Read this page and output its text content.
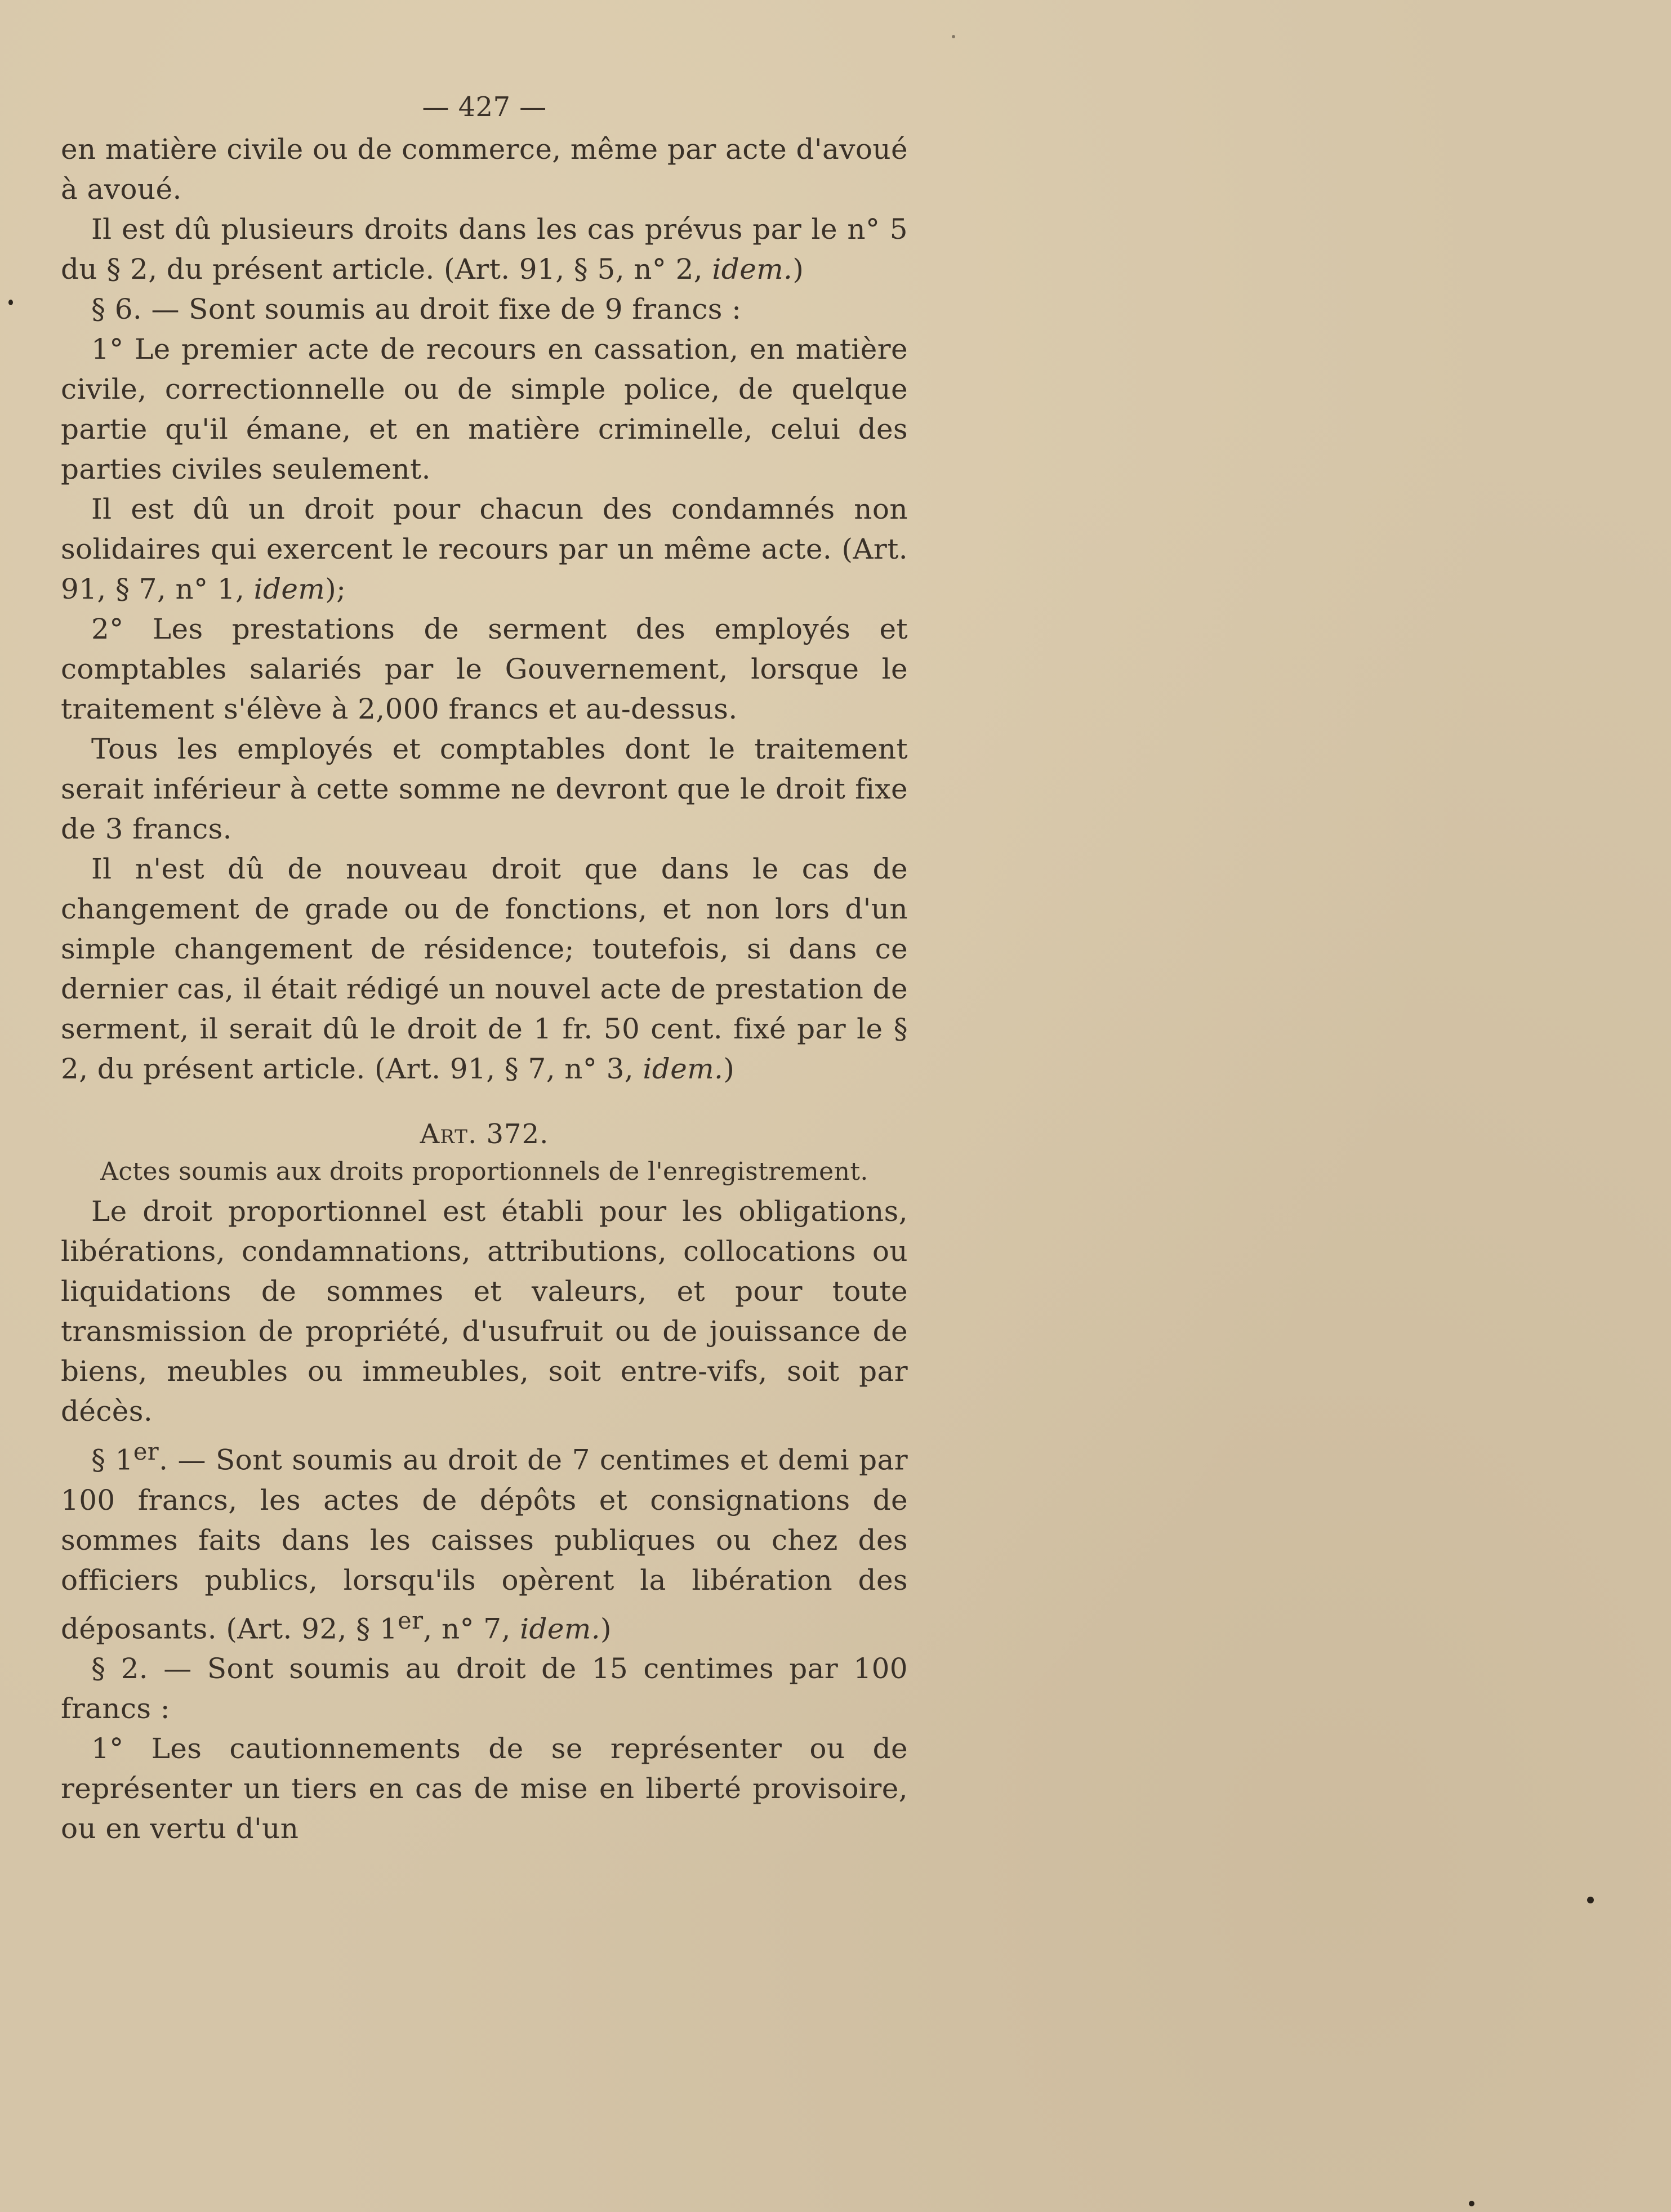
— 427 —

en matière civile ou de commerce, même par acte d'avoué à avoué.

Il est dû plusieurs droits dans les cas prévus par le n° 5 du § 2, du présent article. (Art. 91, § 5, n° 2, idem.)

§ 6. — Sont soumis au droit fixe de 9 francs :

1° Le premier acte de recours en cassation, en matière civile, correctionnelle ou de simple police, de quelque partie qu'il émane, et en matière criminelle, celui des parties civiles seulement.

Il est dû un droit pour chacun des condamnés non solidaires qui exercent le recours par un même acte. (Art. 91, § 7, n° 1, idem);

2° Les prestations de serment des employés et comptables salariés par le Gouvernement, lorsque le traitement s'élève à 2,000 francs et au-dessus.

Tous les employés et comptables dont le traitement serait inférieur à cette somme ne devront que le droit fixe de 3 francs.

Il n'est dû de nouveau droit que dans le cas de changement de grade ou de fonctions, et non lors d'un simple changement de résidence; toutefois, si dans ce dernier cas, il était rédigé un nouvel acte de prestation de serment, il serait dû le droit de 1 fr. 50 cent. fixé par le § 2, du présent article. (Art. 91, § 7, n° 3, idem.)

Art. 372.
Actes soumis aux droits proportionnels de l'enregistrement.

Le droit proportionnel est établi pour les obligations, libérations, condamnations, attributions, collocations ou liquidations de sommes et valeurs, et pour toute transmission de propriété, d'usufruit ou de jouissance de biens, meubles ou immeubles, soit entre-vifs, soit par décès.

§ 1er. — Sont soumis au droit de 7 centimes et demi par 100 francs, les actes de dépôts et consignations de sommes faits dans les caisses publiques ou chez des officiers publics, lorsqu'ils opèrent la libération des déposants. (Art. 92, § 1er, n° 7, idem.)

§ 2. — Sont soumis au droit de 15 centimes par 100 francs :

1° Les cautionnements de se représenter ou de représenter un tiers en cas de mise en liberté provisoire, ou en vertu d'un
